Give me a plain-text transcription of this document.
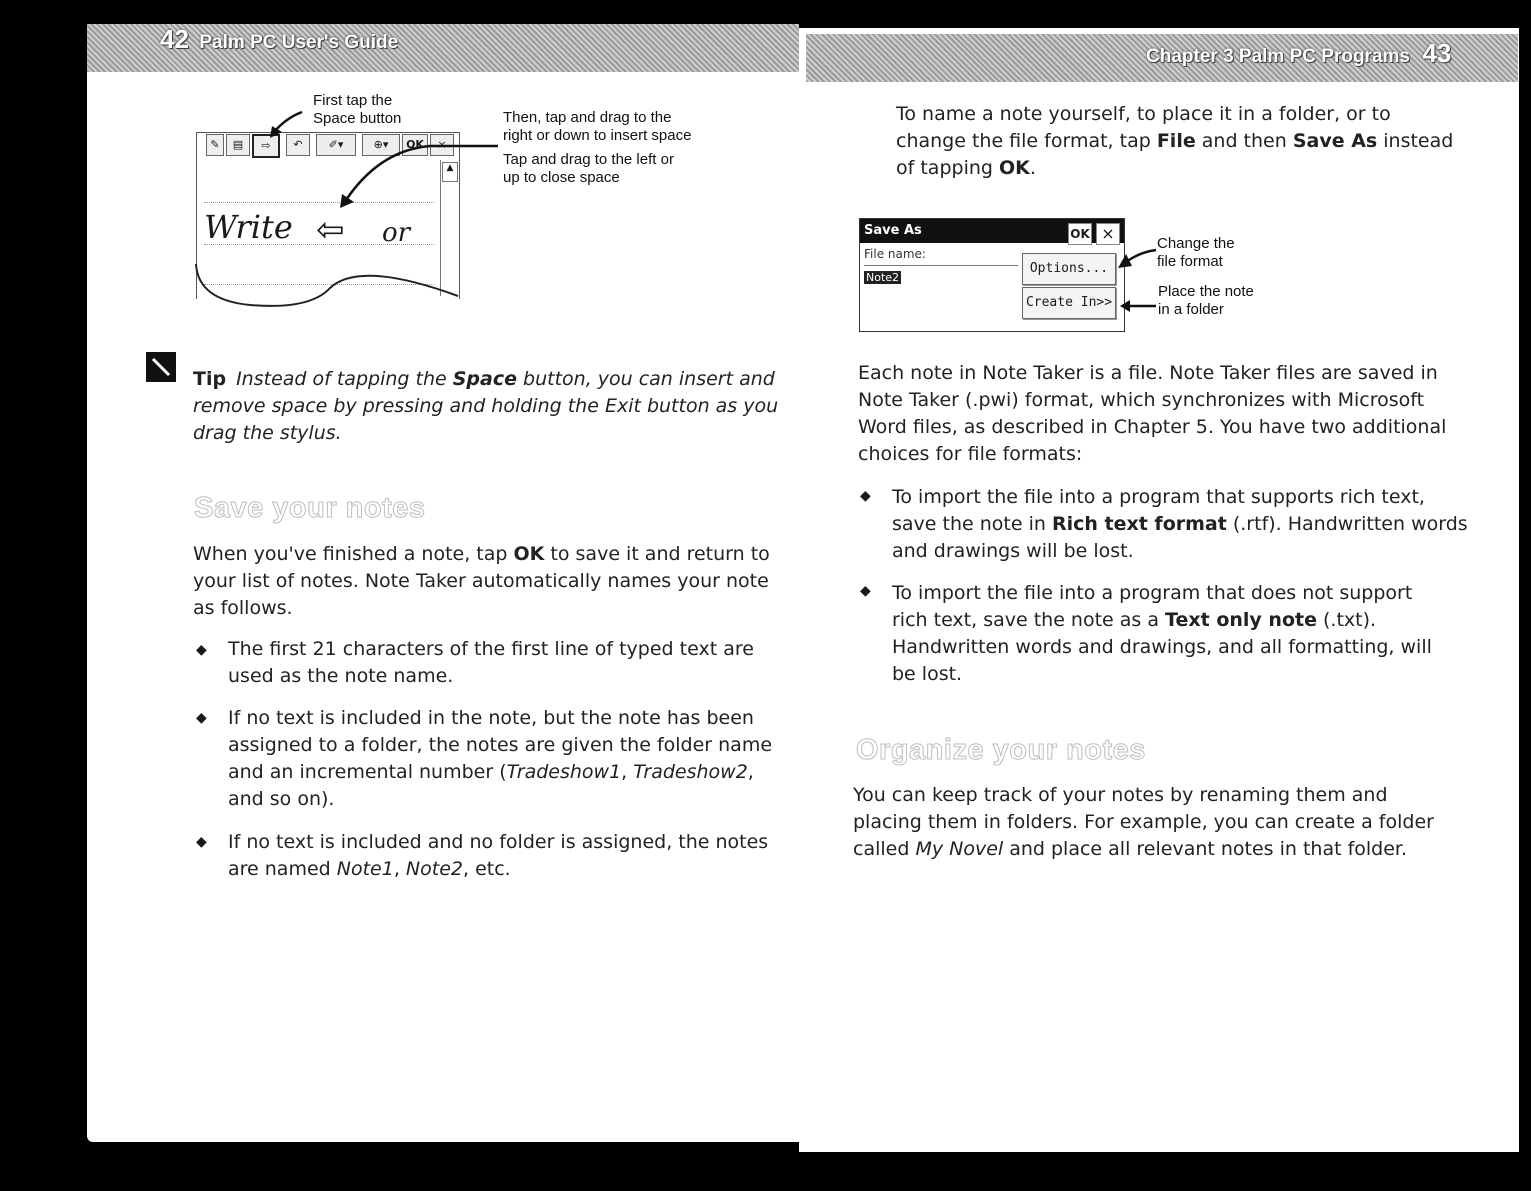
42 Palm PC User's Guide
Chapter 3 Palm PC Programs 43
✎	▤	⇨	↶	✐▾	⊕▾	OK	×
▲
Write ⇦ or
First tap the
Space button	Then, tap and drag to the
right or down to insert space
Tap and drag to the left or
up to close space
Tip Instead of tapping the Space button, you can insert and
remove space by pressing and holding the Exit button as you
drag the stylus.
Save your notes
When you've finished a note, tap OK to save it and return to
your list of notes. Note Taker automatically names your note
as follows.
◆ The first 21 characters of the first line of typed text are
used as the note name.
◆ If no text is included in the note, but the note has been
assigned to a folder, the notes are given the folder name
and an incremental number (Tradeshow1, Tradeshow2,
and so on).
◆ If no text is included and no folder is assigned, the notes
are named Note1, Note2, etc.
To name a note yourself, to place it in a folder, or to
change the file format, tap File and then Save As instead
of tapping OK.
Save As	OK ×
File name:
Note2
Options...
Create In>>
Change the
file format
Place the note
in a folder
Each note in Note Taker is a file. Note Taker files are saved in
Note Taker (.pwi) format, which synchronizes with Microsoft
Word files, as described in Chapter 5. You have two additional
choices for file formats:
◆ To import the file into a program that supports rich text,
save the note in Rich text format (.rtf). Handwritten words
and drawings will be lost.
◆ To import the file into a program that does not support
rich text, save the note as a Text only note (.txt).
Handwritten words and drawings, and all formatting, will
be lost.
Organize your notes
You can keep track of your notes by renaming them and
placing them in folders. For example, you can create a folder
called My Novel and place all relevant notes in that folder.
